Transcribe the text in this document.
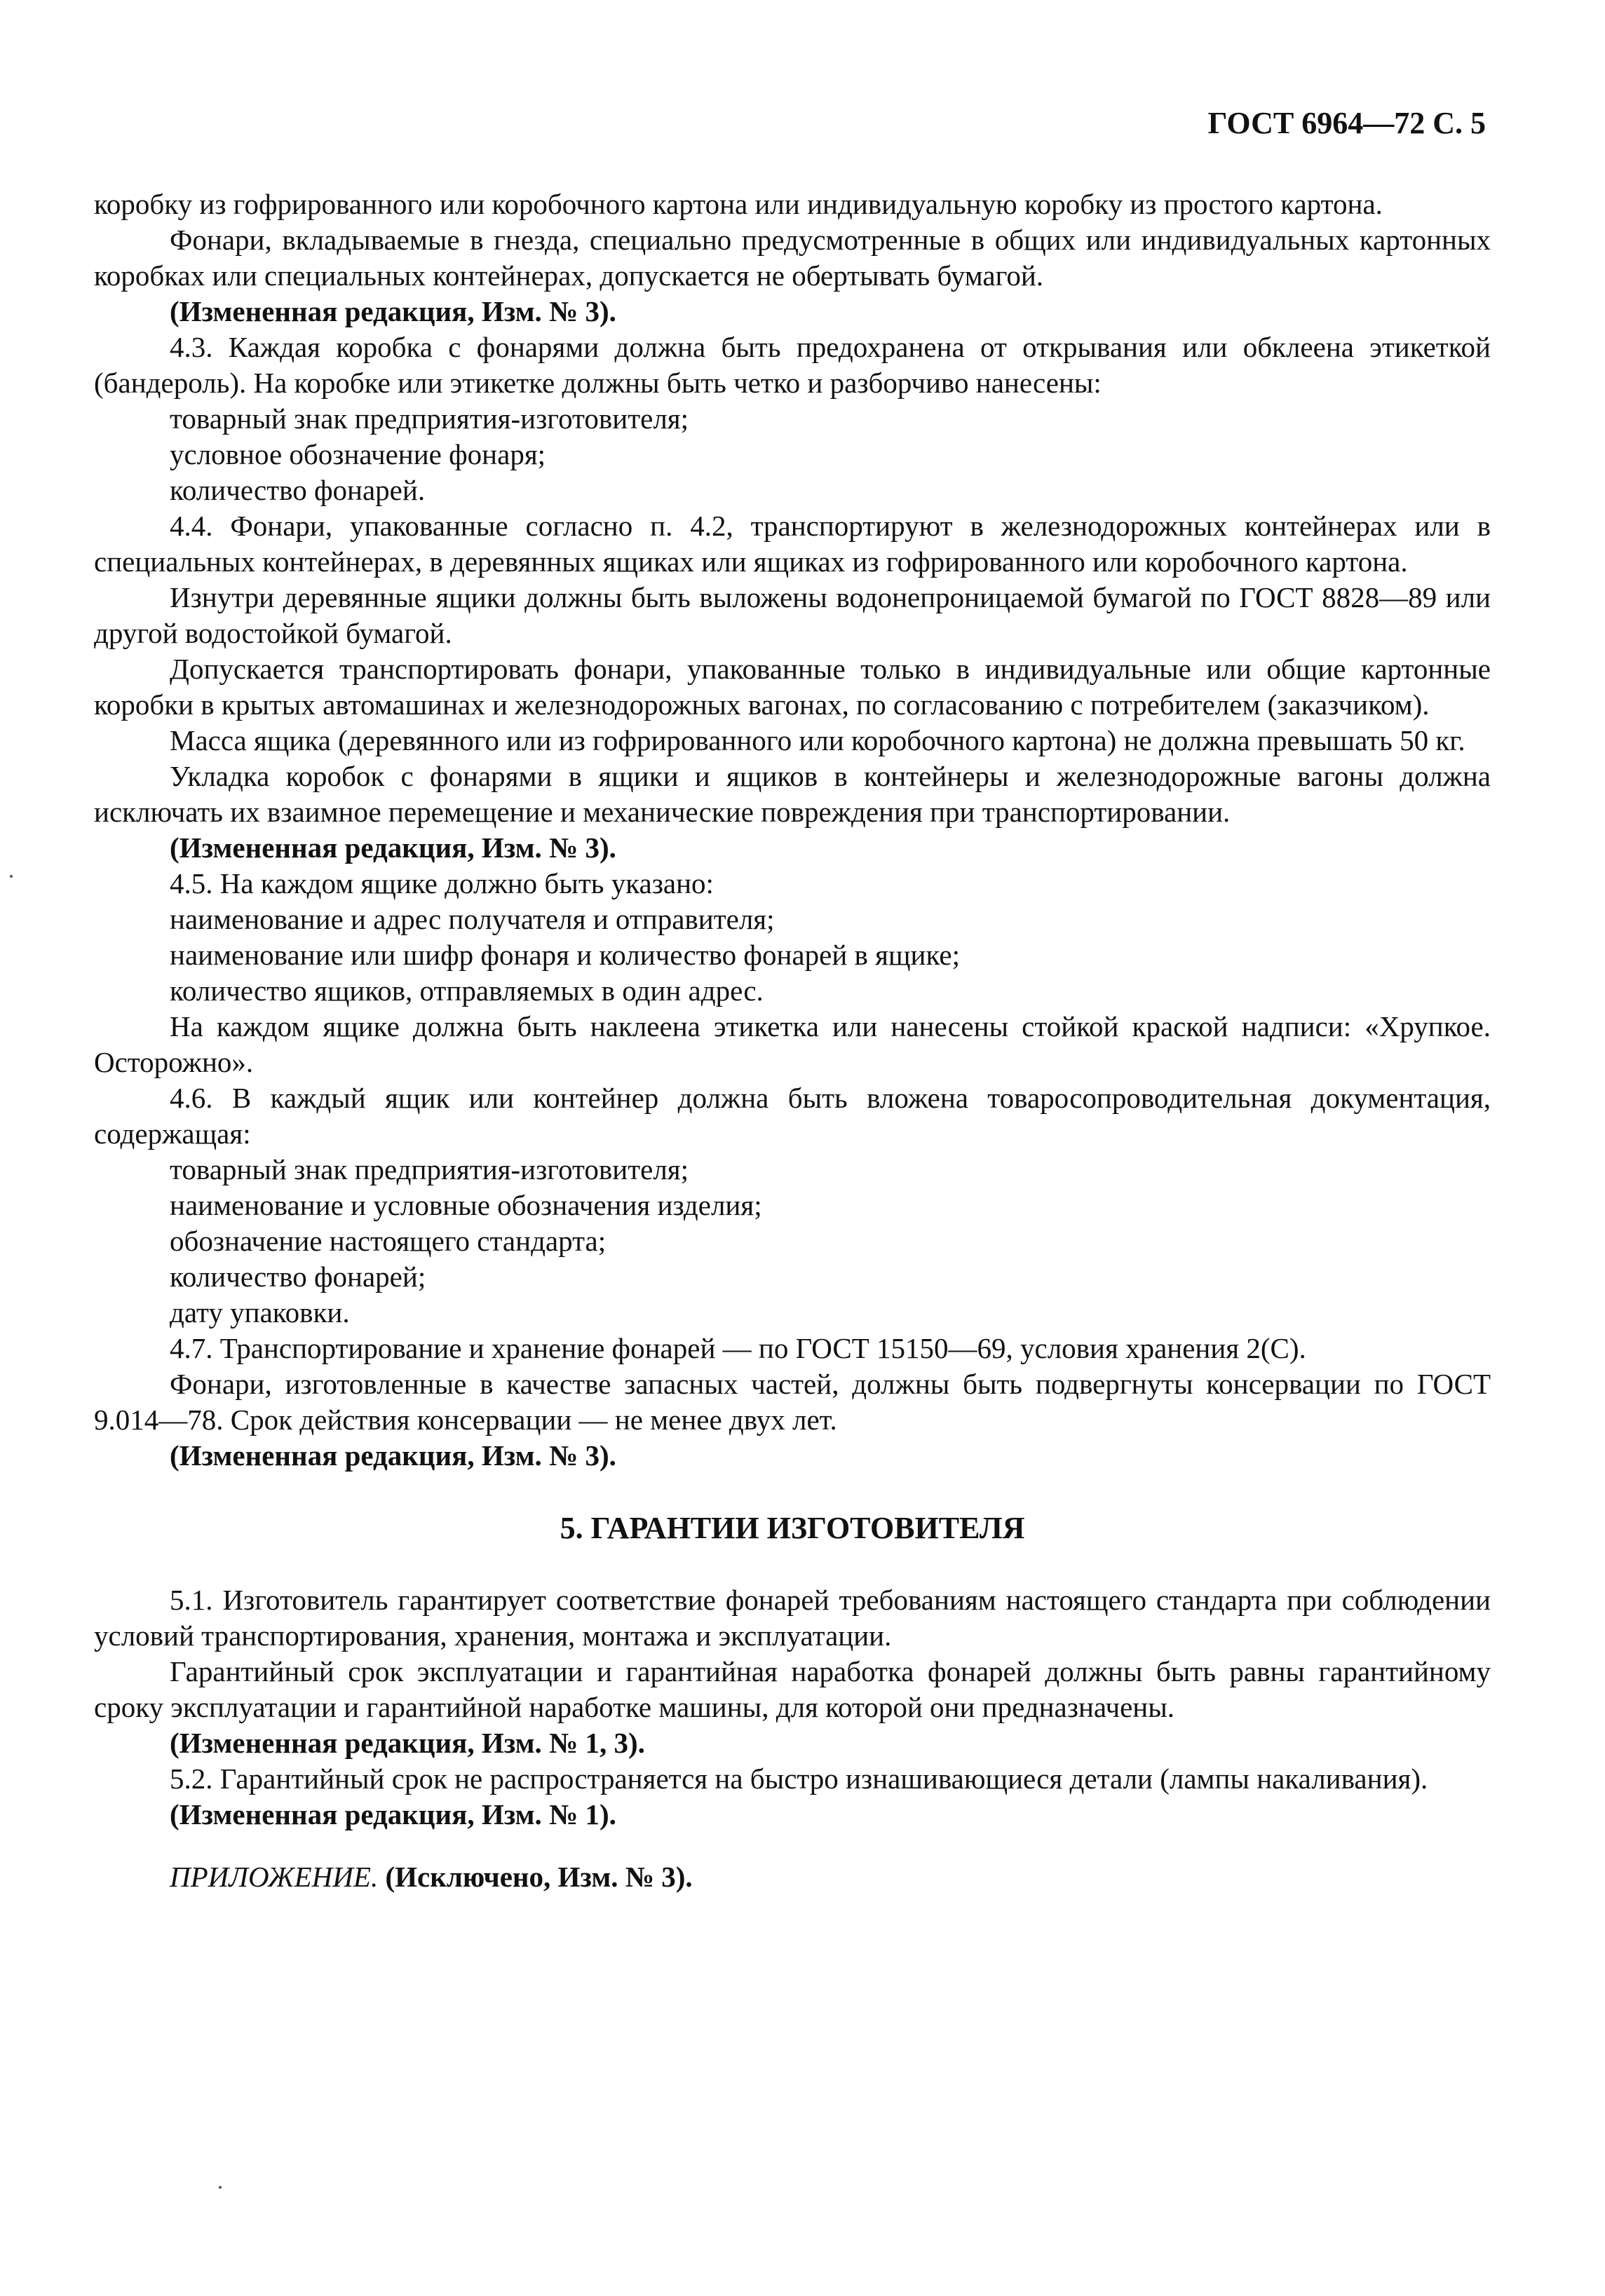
ГОСТ 6964—72 С. 5

коробку из гофрированного или коробочного картона или индивидуальную коробку из простого картона.

Фонари, вкладываемые в гнезда, специально предусмотренные в общих или индивидуальных картонных коробках или специальных контейнерах, допускается не обертывать бумагой.

(Измененная редакция, Изм. № 3).

4.3. Каждая коробка с фонарями должна быть предохранена от открывания или обклеена этикеткой (бандероль). На коробке или этикетке должны быть четко и разборчиво нанесены:

товарный знак предприятия-изготовителя;

условное обозначение фонаря;

количество фонарей.

4.4. Фонари, упакованные согласно п. 4.2, транспортируют в железнодорожных контейнерах или в специальных контейнерах, в деревянных ящиках или ящиках из гофрированного или коробочного картона.

Изнутри деревянные ящики должны быть выложены водонепроницаемой бумагой по ГОСТ 8828—89 или другой водостойкой бумагой.

Допускается транспортировать фонари, упакованные только в индивидуальные или общие картонные коробки в крытых автомашинах и железнодорожных вагонах, по согласованию с потребителем (заказчиком).

Масса ящика (деревянного или из гофрированного или коробочного картона) не должна превышать 50 кг.

Укладка коробок с фонарями в ящики и ящиков в контейнеры и железнодорожные вагоны должна исключать их взаимное перемещение и механические повреждения при транспортировании.

(Измененная редакция, Изм. № 3).

4.5. На каждом ящике должно быть указано:

наименование и адрес получателя и отправителя;

наименование или шифр фонаря и количество фонарей в ящике;

количество ящиков, отправляемых в один адрес.

На каждом ящике должна быть наклеена этикетка или нанесены стойкой краской надписи: «Хрупкое. Осторожно».

4.6. В каждый ящик или контейнер должна быть вложена товаросопроводительная документация, содержащая:

товарный знак предприятия-изготовителя;

наименование и условные обозначения изделия;

обозначение настоящего стандарта;

количество фонарей;

дату упаковки.

4.7. Транспортирование и хранение фонарей — по ГОСТ 15150—69, условия хранения 2(С).

Фонари, изготовленные в качестве запасных частей, должны быть подвергнуты консервации по ГОСТ 9.014—78. Срок действия консервации — не менее двух лет.

(Измененная редакция, Изм. № 3).

5. ГАРАНТИИ ИЗГОТОВИТЕЛЯ

5.1. Изготовитель гарантирует соответствие фонарей требованиям настоящего стандарта при соблюдении условий транспортирования, хранения, монтажа и эксплуатации.

Гарантийный срок эксплуатации и гарантийная наработка фонарей должны быть равны гарантийному сроку эксплуатации и гарантийной наработке машины, для которой они предназначены.

(Измененная редакция, Изм. № 1, 3).

5.2. Гарантийный срок не распространяется на быстро изнашивающиеся детали (лампы накаливания).

(Измененная редакция, Изм. № 1).

ПРИЛОЖЕНИЕ. (Исключено, Изм. № 3).
